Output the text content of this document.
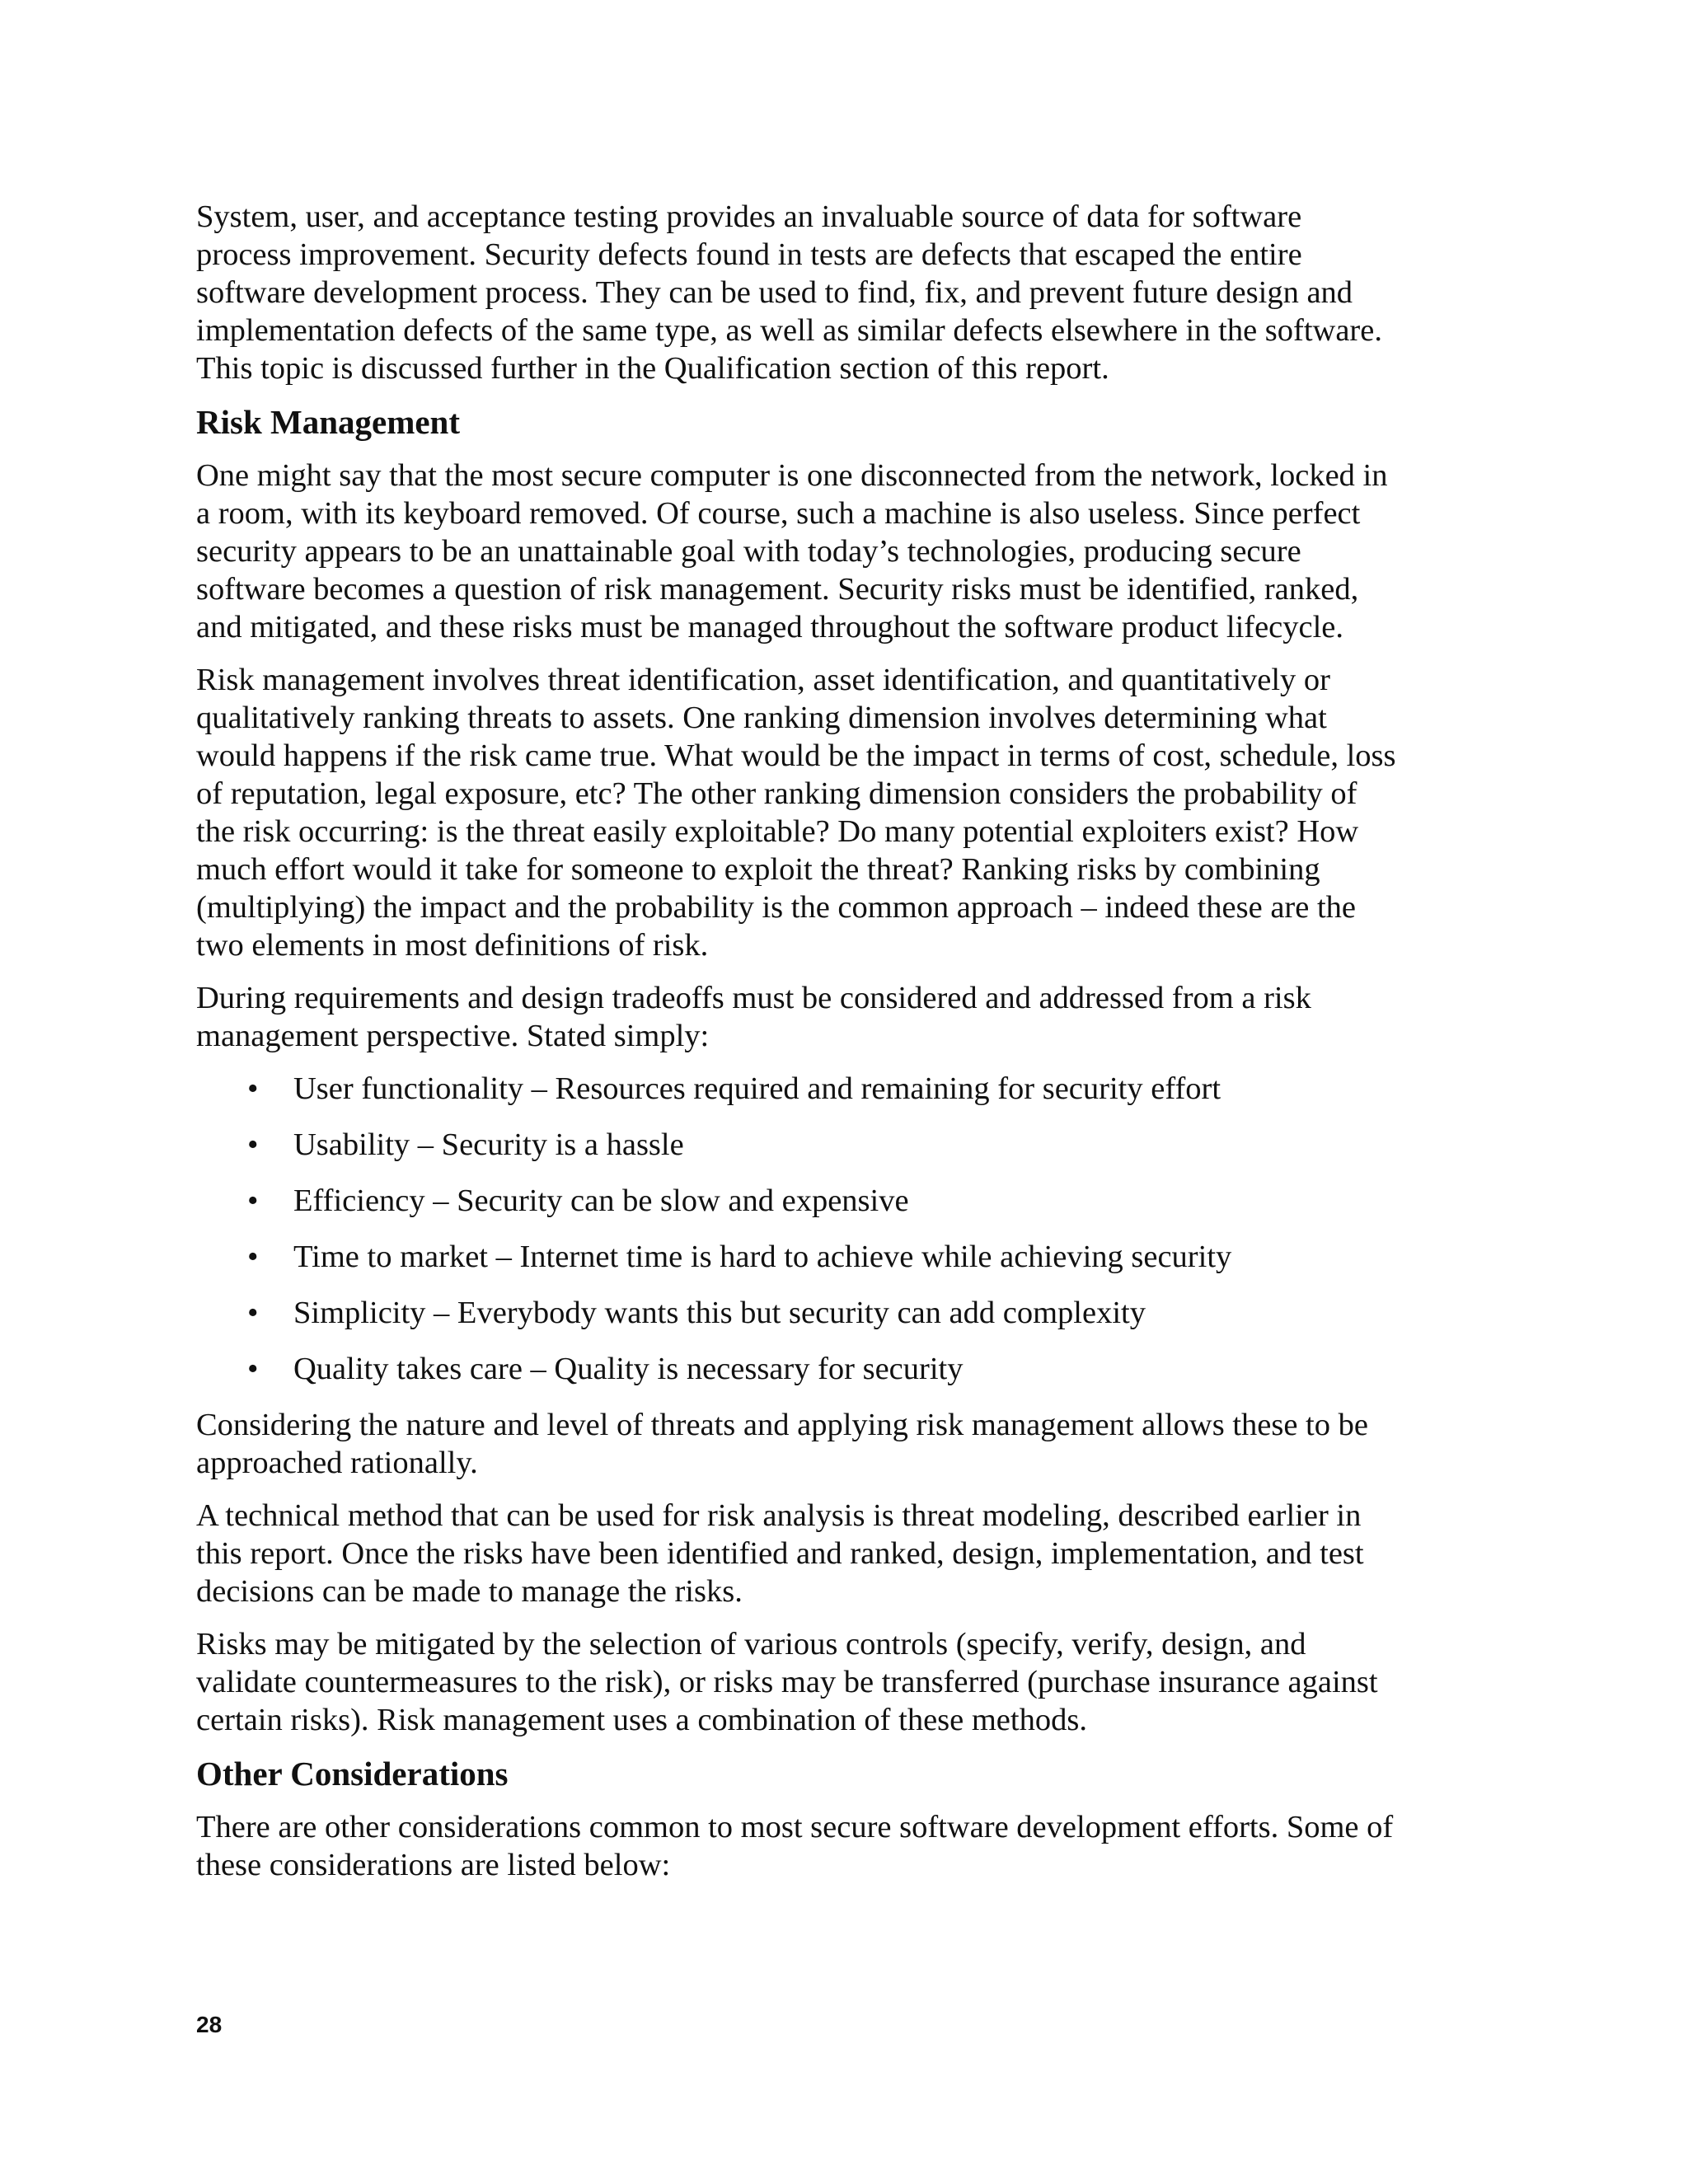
System, user, and acceptance testing provides an invaluable source of data for software process improvement. Security defects found in tests are defects that escaped the entire software development process. They can be used to find, fix, and prevent future design and implementation defects of the same type, as well as similar defects elsewhere in the software. This topic is discussed further in the Qualification section of this report.

Risk Management

One might say that the most secure computer is one disconnected from the network, locked in a room, with its keyboard removed. Of course, such a machine is also useless. Since perfect security appears to be an unattainable goal with today’s technologies, producing secure software becomes a question of risk management. Security risks must be identified, ranked, and mitigated, and these risks must be managed throughout the software product lifecycle.

Risk management involves threat identification, asset identification, and quantitatively or qualitatively ranking threats to assets. One ranking dimension involves determining what would happens if the risk came true. What would be the impact in terms of cost, schedule, loss of reputation, legal exposure, etc? The other ranking dimension considers the probability of the risk occurring: is the threat easily exploitable? Do many potential exploiters exist? How much effort would it take for someone to exploit the threat? Ranking risks by combining (multiplying) the impact and the probability is the common approach – indeed these are the two elements in most definitions of risk.

During requirements and design tradeoffs must be considered and addressed from a risk management perspective. Stated simply:

• User functionality – Resources required and remaining for security effort
• Usability – Security is a hassle
• Efficiency – Security can be slow and expensive
• Time to market – Internet time is hard to achieve while achieving security
• Simplicity – Everybody wants this but security can add complexity
• Quality takes care – Quality is necessary for security

Considering the nature and level of threats and applying risk management allows these to be approached rationally.

A technical method that can be used for risk analysis is threat modeling, described earlier in this report. Once the risks have been identified and ranked, design, implementation, and test decisions can be made to manage the risks.

Risks may be mitigated by the selection of various controls (specify, verify, design, and validate countermeasures to the risk), or risks may be transferred (purchase insurance against certain risks). Risk management uses a combination of these methods.

Other Considerations

There are other considerations common to most secure software development efforts. Some of these considerations are listed below:

28
